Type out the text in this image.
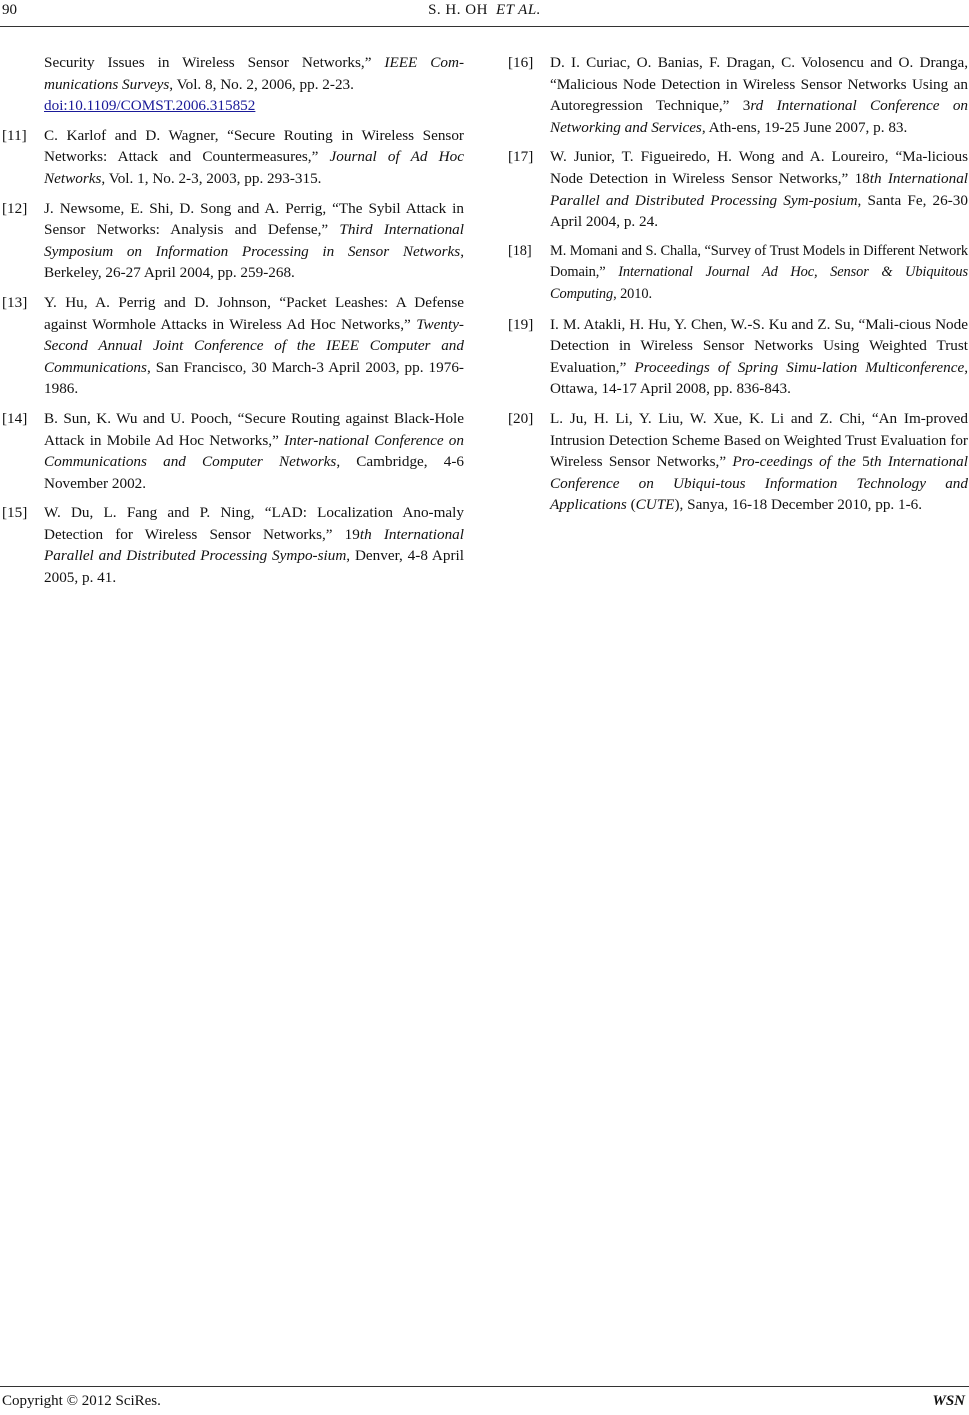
90	S. H. OH ET AL.
Security Issues in Wireless Sensor Networks,” IEEE Com-munications Surveys, Vol. 8, No. 2, 2006, pp. 2-23.
doi:10.1109/COMST.2006.315852
[11] C. Karlof and D. Wagner, “Secure Routing in Wireless Sensor Networks: Attack and Countermeasures,” Journal of Ad Hoc Networks, Vol. 1, No. 2-3, 2003, pp. 293-315.
[12] J. Newsome, E. Shi, D. Song and A. Perrig, “The Sybil Attack in Sensor Networks: Analysis and Defense,” Third International Symposium on Information Processing in Sensor Networks, Berkeley, 26-27 April 2004, pp. 259-268.
[13] Y. Hu, A. Perrig and D. Johnson, “Packet Leashes: A Defense against Wormhole Attacks in Wireless Ad Hoc Networks,” Twenty-Second Annual Joint Conference of the IEEE Computer and Communications, San Francisco, 30 March-3 April 2003, pp. 1976-1986.
[14] B. Sun, K. Wu and U. Pooch, “Secure Routing against Black-Hole Attack in Mobile Ad Hoc Networks,” Inter-national Conference on Communications and Computer Networks, Cambridge, 4-6 November 2002.
[15] W. Du, L. Fang and P. Ning, “LAD: Localization Ano-maly Detection for Wireless Sensor Networks,” 19th International Parallel and Distributed Processing Sympo-sium, Denver, 4-8 April 2005, p. 41.
[16] D. I. Curiac, O. Banias, F. Dragan, C. Volosencu and O. Dranga, “Malicious Node Detection in Wireless Sensor Networks Using an Autoregression Technique,” 3rd International Conference on Networking and Services, Ath-ens, 19-25 June 2007, p. 83.
[17] W. Junior, T. Figueiredo, H. Wong and A. Loureiro, “Ma-licious Node Detection in Wireless Sensor Networks,” 18th International Parallel and Distributed Processing Sym-posium, Santa Fe, 26-30 April 2004, p. 24.
[18] M. Momani and S. Challa, “Survey of Trust Models in Different Network Domain,” International Journal Ad Hoc, Sensor & Ubiquitous Computing, 2010.
[19] I. M. Atakli, H. Hu, Y. Chen, W.-S. Ku and Z. Su, “Mali-cious Node Detection in Wireless Sensor Networks Using Weighted Trust Evaluation,” Proceedings of Spring Simu-lation Multiconference, Ottawa, 14-17 April 2008, pp. 836-843.
[20] L. Ju, H. Li, Y. Liu, W. Xue, K. Li and Z. Chi, “An Im-proved Intrusion Detection Scheme Based on Weighted Trust Evaluation for Wireless Sensor Networks,” Pro-ceedings of the 5th International Conference on Ubiqui-tous Information Technology and Applications (CUTE), Sanya, 16-18 December 2010, pp. 1-6.
Copyright © 2012 SciRes.	WSN
